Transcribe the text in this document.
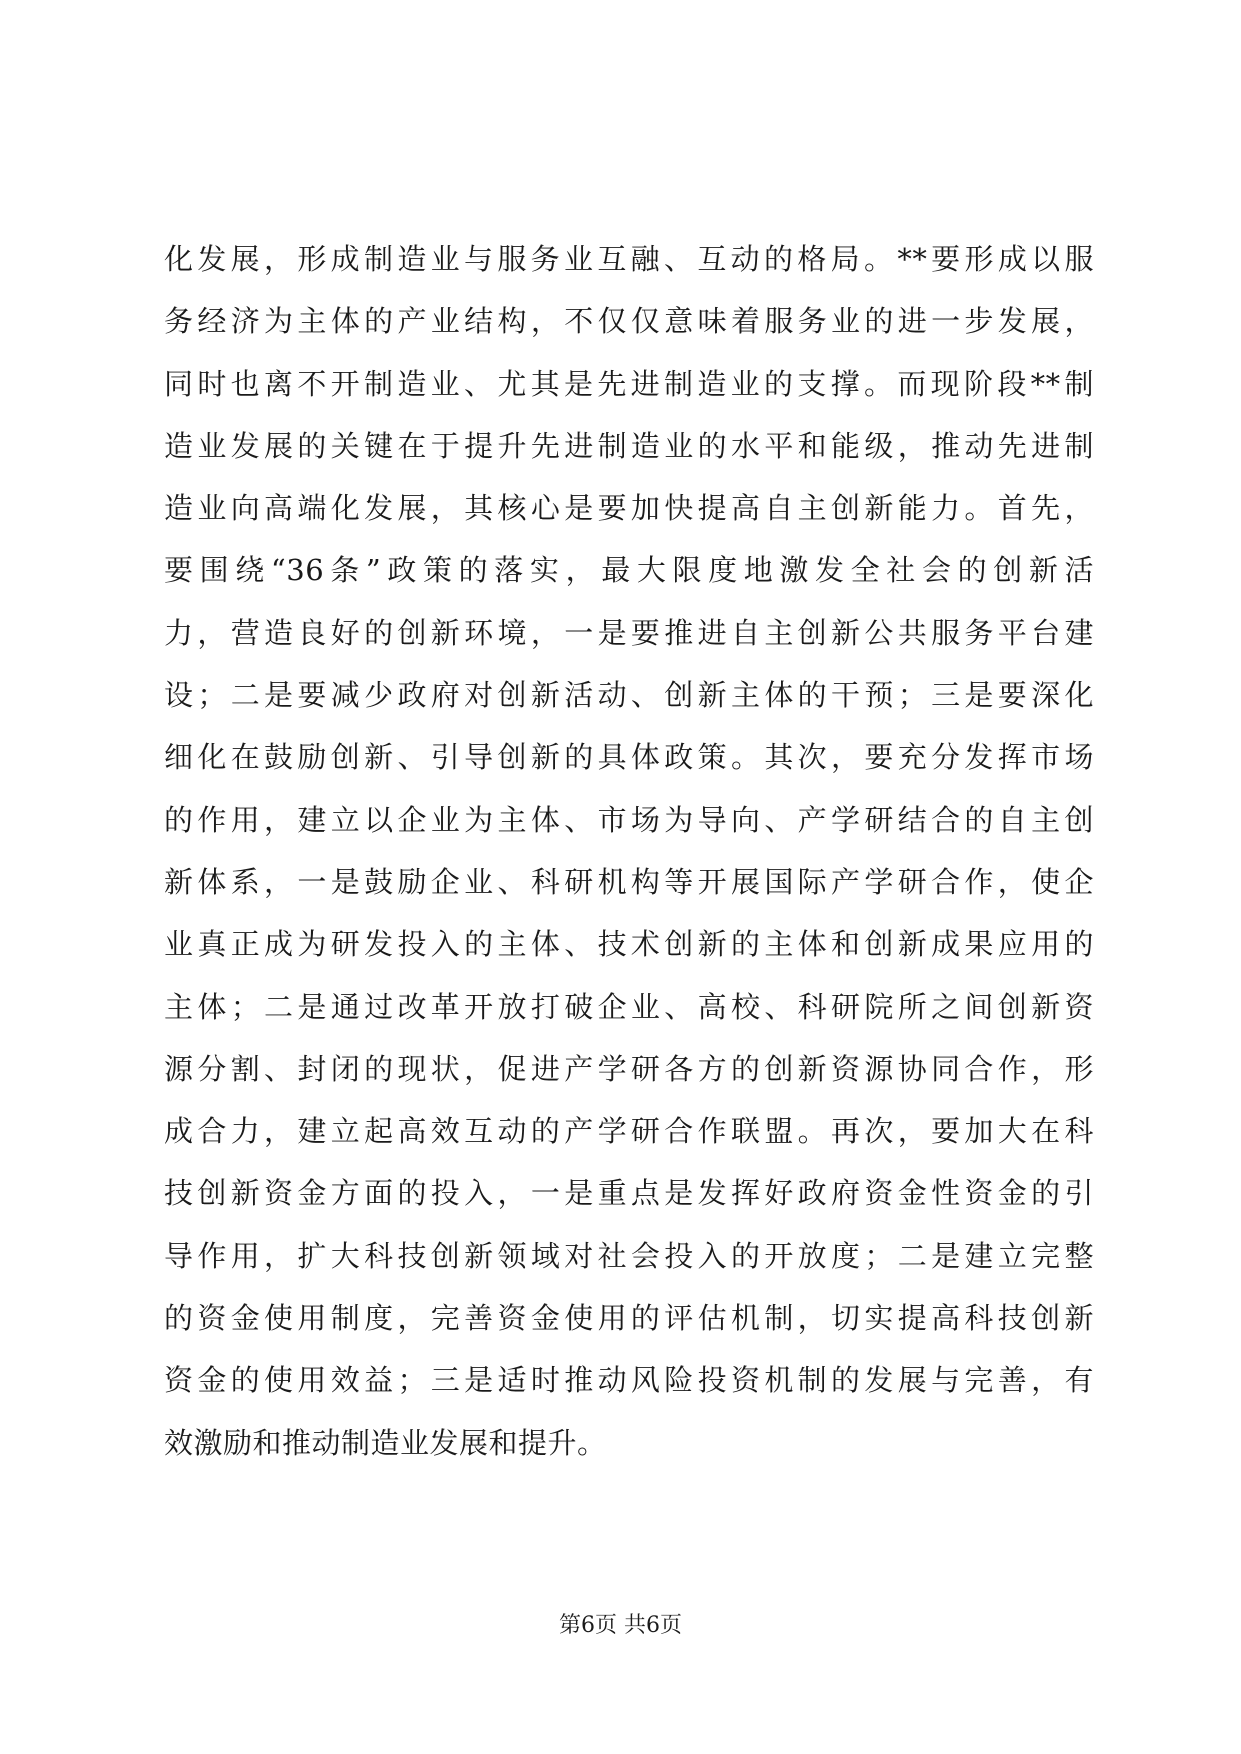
化发展，形成制造业与服务业互融、互动的格局。**要形成以服
务经济为主体的产业结构，不仅仅意味着服务业的进一步发展，
同时也离不开制造业、尤其是先进制造业的支撑。而现阶段**制
造业发展的关键在于提升先进制造业的水平和能级，推动先进制
造业向高端化发展，其核心是要加快提高自主创新能力。首先，
要围绕“36条”政策的落实，最大限度地激发全社会的创新活
力，营造良好的创新环境，一是要推进自主创新公共服务平台建
设；二是要减少政府对创新活动、创新主体的干预；三是要深化
细化在鼓励创新、引导创新的具体政策。其次，要充分发挥市场
的作用，建立以企业为主体、市场为导向、产学研结合的自主创
新体系，一是鼓励企业、科研机构等开展国际产学研合作，使企
业真正成为研发投入的主体、技术创新的主体和创新成果应用的
主体；二是通过改革开放打破企业、高校、科研院所之间创新资
源分割、封闭的现状，促进产学研各方的创新资源协同合作，形
成合力，建立起高效互动的产学研合作联盟。再次，要加大在科
技创新资金方面的投入，一是重点是发挥好政府资金性资金的引
导作用，扩大科技创新领域对社会投入的开放度；二是建立完整
的资金使用制度，完善资金使用的评估机制，切实提高科技创新
资金的使用效益；三是适时推动风险投资机制的发展与完善，有
效激励和推动制造业发展和提升。
第6页 共6页
